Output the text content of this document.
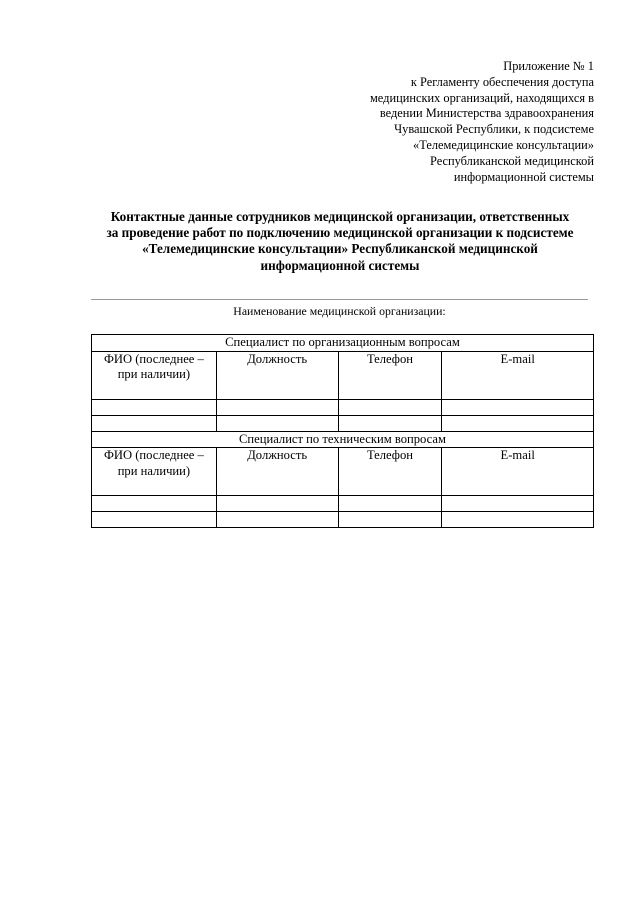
Приложение № 1
к Регламенту обеспечения доступа
медицинских организаций, находящихся в
ведении Министерства здравоохранения
Чувашской Республики, к подсистеме
«Телемедицинские консультации»
Республиканской медицинской
информационной системы
Контактные данные сотрудников медицинской организации, ответственных
за проведение работ по подключению медицинской организации к подсистеме
«Телемедицинские консультации» Республиканской медицинской
информационной системы
Наименование медицинской организации:
Специалист по организационным вопросам			
ФИО (последнее – при наличии)	Должность	Телефон	E-mail

Специалист по техническим вопросам			
ФИО (последнее – при наличии)	Должность	Телефон	E-mail
